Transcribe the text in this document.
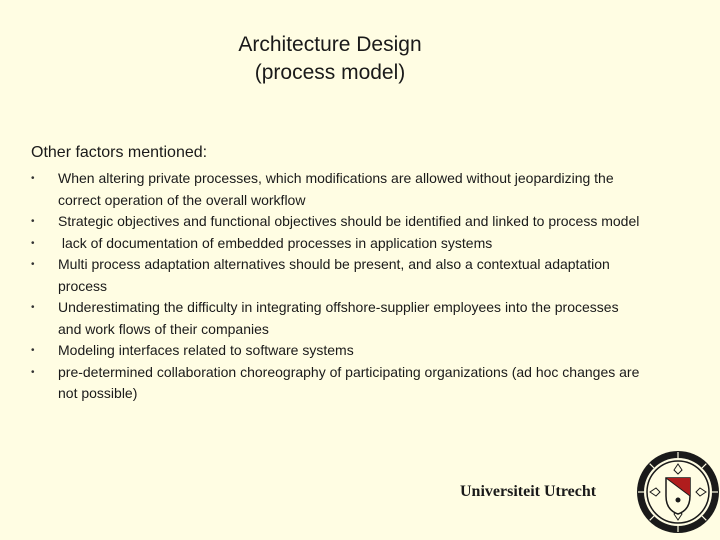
Architecture Design
(process model)
Other factors mentioned:
• When altering private processes, which modifications are allowed without jeopardizing the correct operation of the overall workflow
• Strategic objectives and functional objectives should be identified and linked to process model
• lack of documentation of embedded processes in application systems
• Multi process adaptation alternatives should be present, and also a contextual adaptation process
• Underestimating the difficulty in integrating offshore-supplier employees into the processes and work flows of their companies
• Modeling interfaces related to software systems
• pre-determined collaboration choreography of participating organizations (ad hoc changes are not possible)
Universiteit Utrecht
